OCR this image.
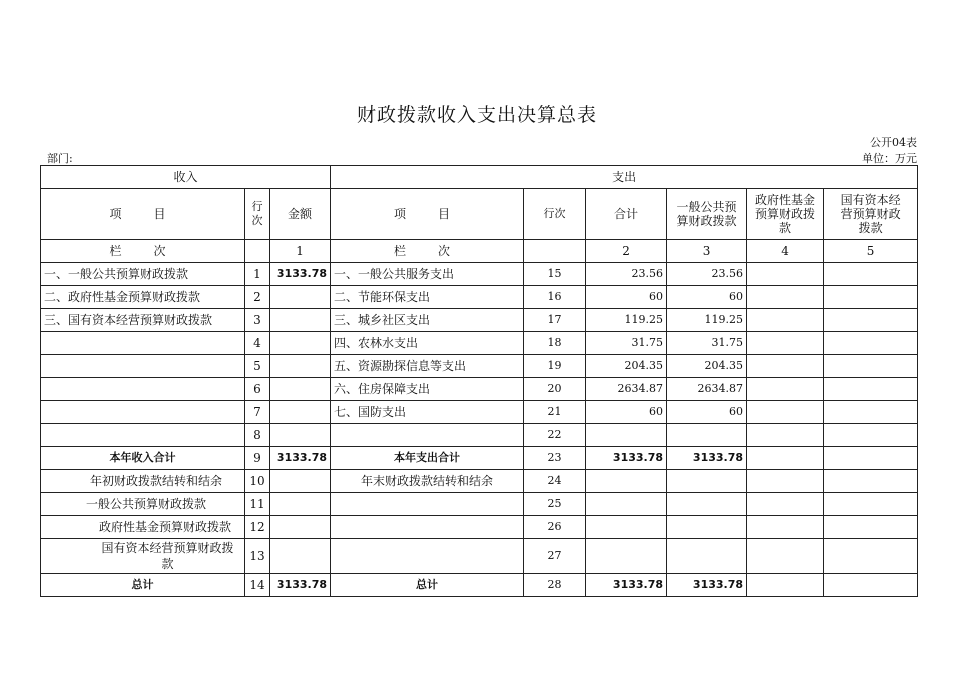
财政拨款收入支出决算总表
公开04表
部门:	单位：万元
收入			支出					
项　目	行次	金额	项　目	行次	合计	一般公共预算财政拨款	政府性基金预算财政拨款	国有资本经营预算财政拨款
栏　次		1	栏　次		2	3	4	5
一、一般公共预算财政拨款	1	3133.78	一、一般公共服务支出	15	23.56	23.56		
二、政府性基金预算财政拨款	2		二、节能环保支出	16	60	60		
三、国有资本经营预算财政拨款	3		三、城乡社区支出	17	119.25	119.25		
	4		四、农林水支出	18	31.75	31.75		
	5		五、资源勘探信息等支出	19	204.35	204.35		
	6		六、住房保障支出	20	2634.87	2634.87		
	7		七、国防支出	21	60	60		
	8			22				
本年收入合计	9	3133.78	本年支出合计	23	3133.78	3133.78		
年初财政拨款结转和结余	10		年末财政拨款结转和结余	24				
一般公共预算财政拨款	11			25				
政府性基金预算财政拨款	12			26				
国有资本经营预算财政拨款	13			27				
总计	14	3133.78	总计	28	3133.78	3133.78		
